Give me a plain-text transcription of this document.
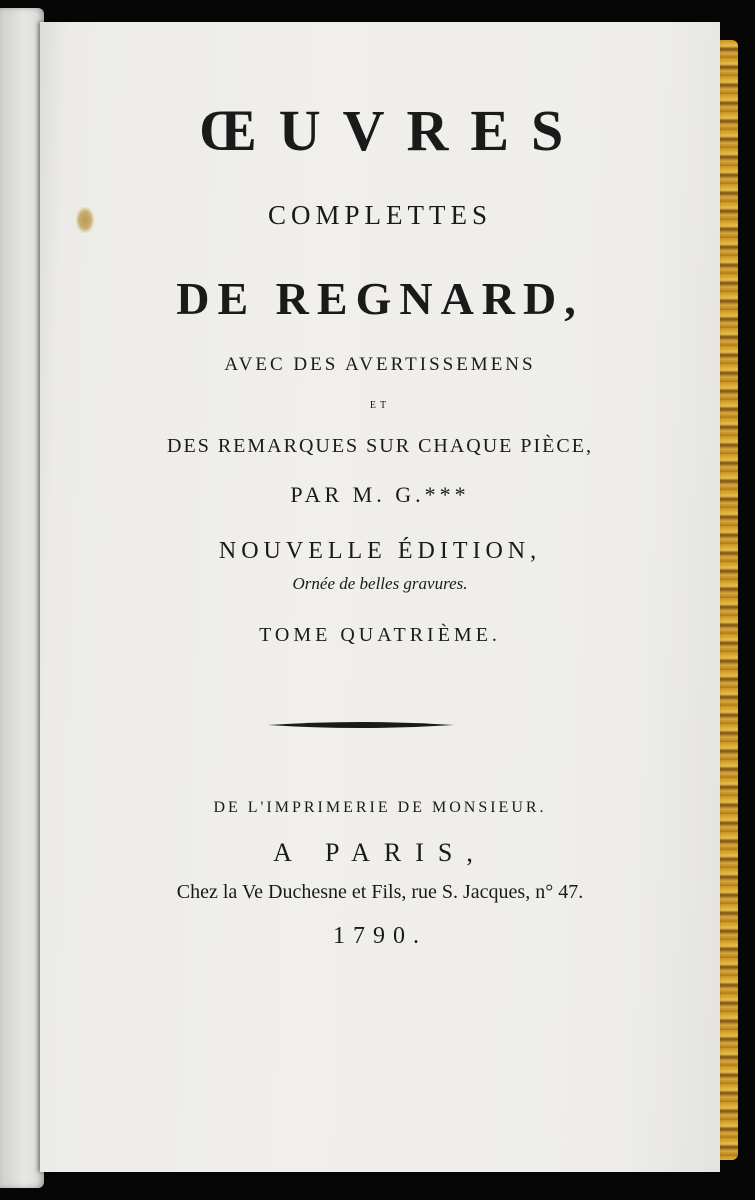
ŒUVRES
COMPLETTES
DE REGNARD,
AVEC DES AVERTISSEMENS
ET
DES REMARQUES SUR CHAQUE PIÈCE,
PAR M. G.***
NOUVELLE ÉDITION,
Ornée de belles gravures.
TOME QUATRIÈME.
DE L'IMPRIMERIE DE MONSIEUR.
A PARIS,
Chez la Ve Duchesne et Fils, rue S. Jacques, n° 47.
1790.
